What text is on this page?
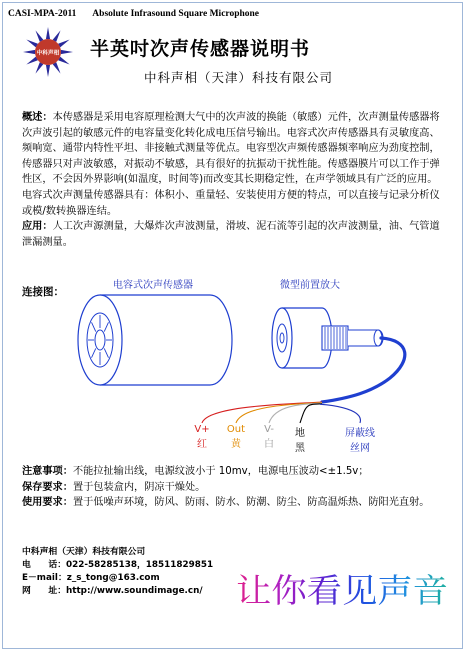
CASI-MPA-2011 Absolute Infrasound Square Microphone
中科声相 半英吋次声传感器说明书
中科声相（天津）科技有限公司

概述：本传感器是采用电容原理检测大气中的次声波的换能（敏感）元件，次声测量传感器将次声波引起的敏感元件的电容量变化转化成电压信号输出。电容式次声传感器具有灵敏度高、频响宽、通带内特性平坦、非接触式测量等优点。电容型次声频传感器频率响应为劲度控制，传感器只对声波敏感，对振动不敏感，具有很好的抗振动干扰性能。传感器膜片可以工作于弹性区，不会因外界影响(如温度，时间等)而改变其长期稳定性，在声学领域具有广泛的应用。电容式次声测量传感器具有：体积小、重量轻、安装使用方便的特点，可以直接与记录分析仪或模/数转换器连结。

应用：人工次声源测量，大爆炸次声波测量，滑坡、泥石流等引起的次声波测量，油、气管道泄漏测量。

连接图：
电容式次声传感器	微型前置放大
V+
红
Out
黄
V-
白
地
黑
屏蔽线
丝网

注意事项：不能拉扯输出线，电源纹波小于 10mv，电源电压波动<±1.5v；

保存要求：置于包装盒内，阴凉干燥处。

使用要求：置于低噪声环境，防风、防雨、防水、防潮、防尘、防高温烁热、防阳光直射。

中科声相（天津）科技有限公司
电　　话：022-58285138，18511829851
E－mail：z_s_tong@163.com
网　　址：http://www.soundimage.cn/	让你看见声音
